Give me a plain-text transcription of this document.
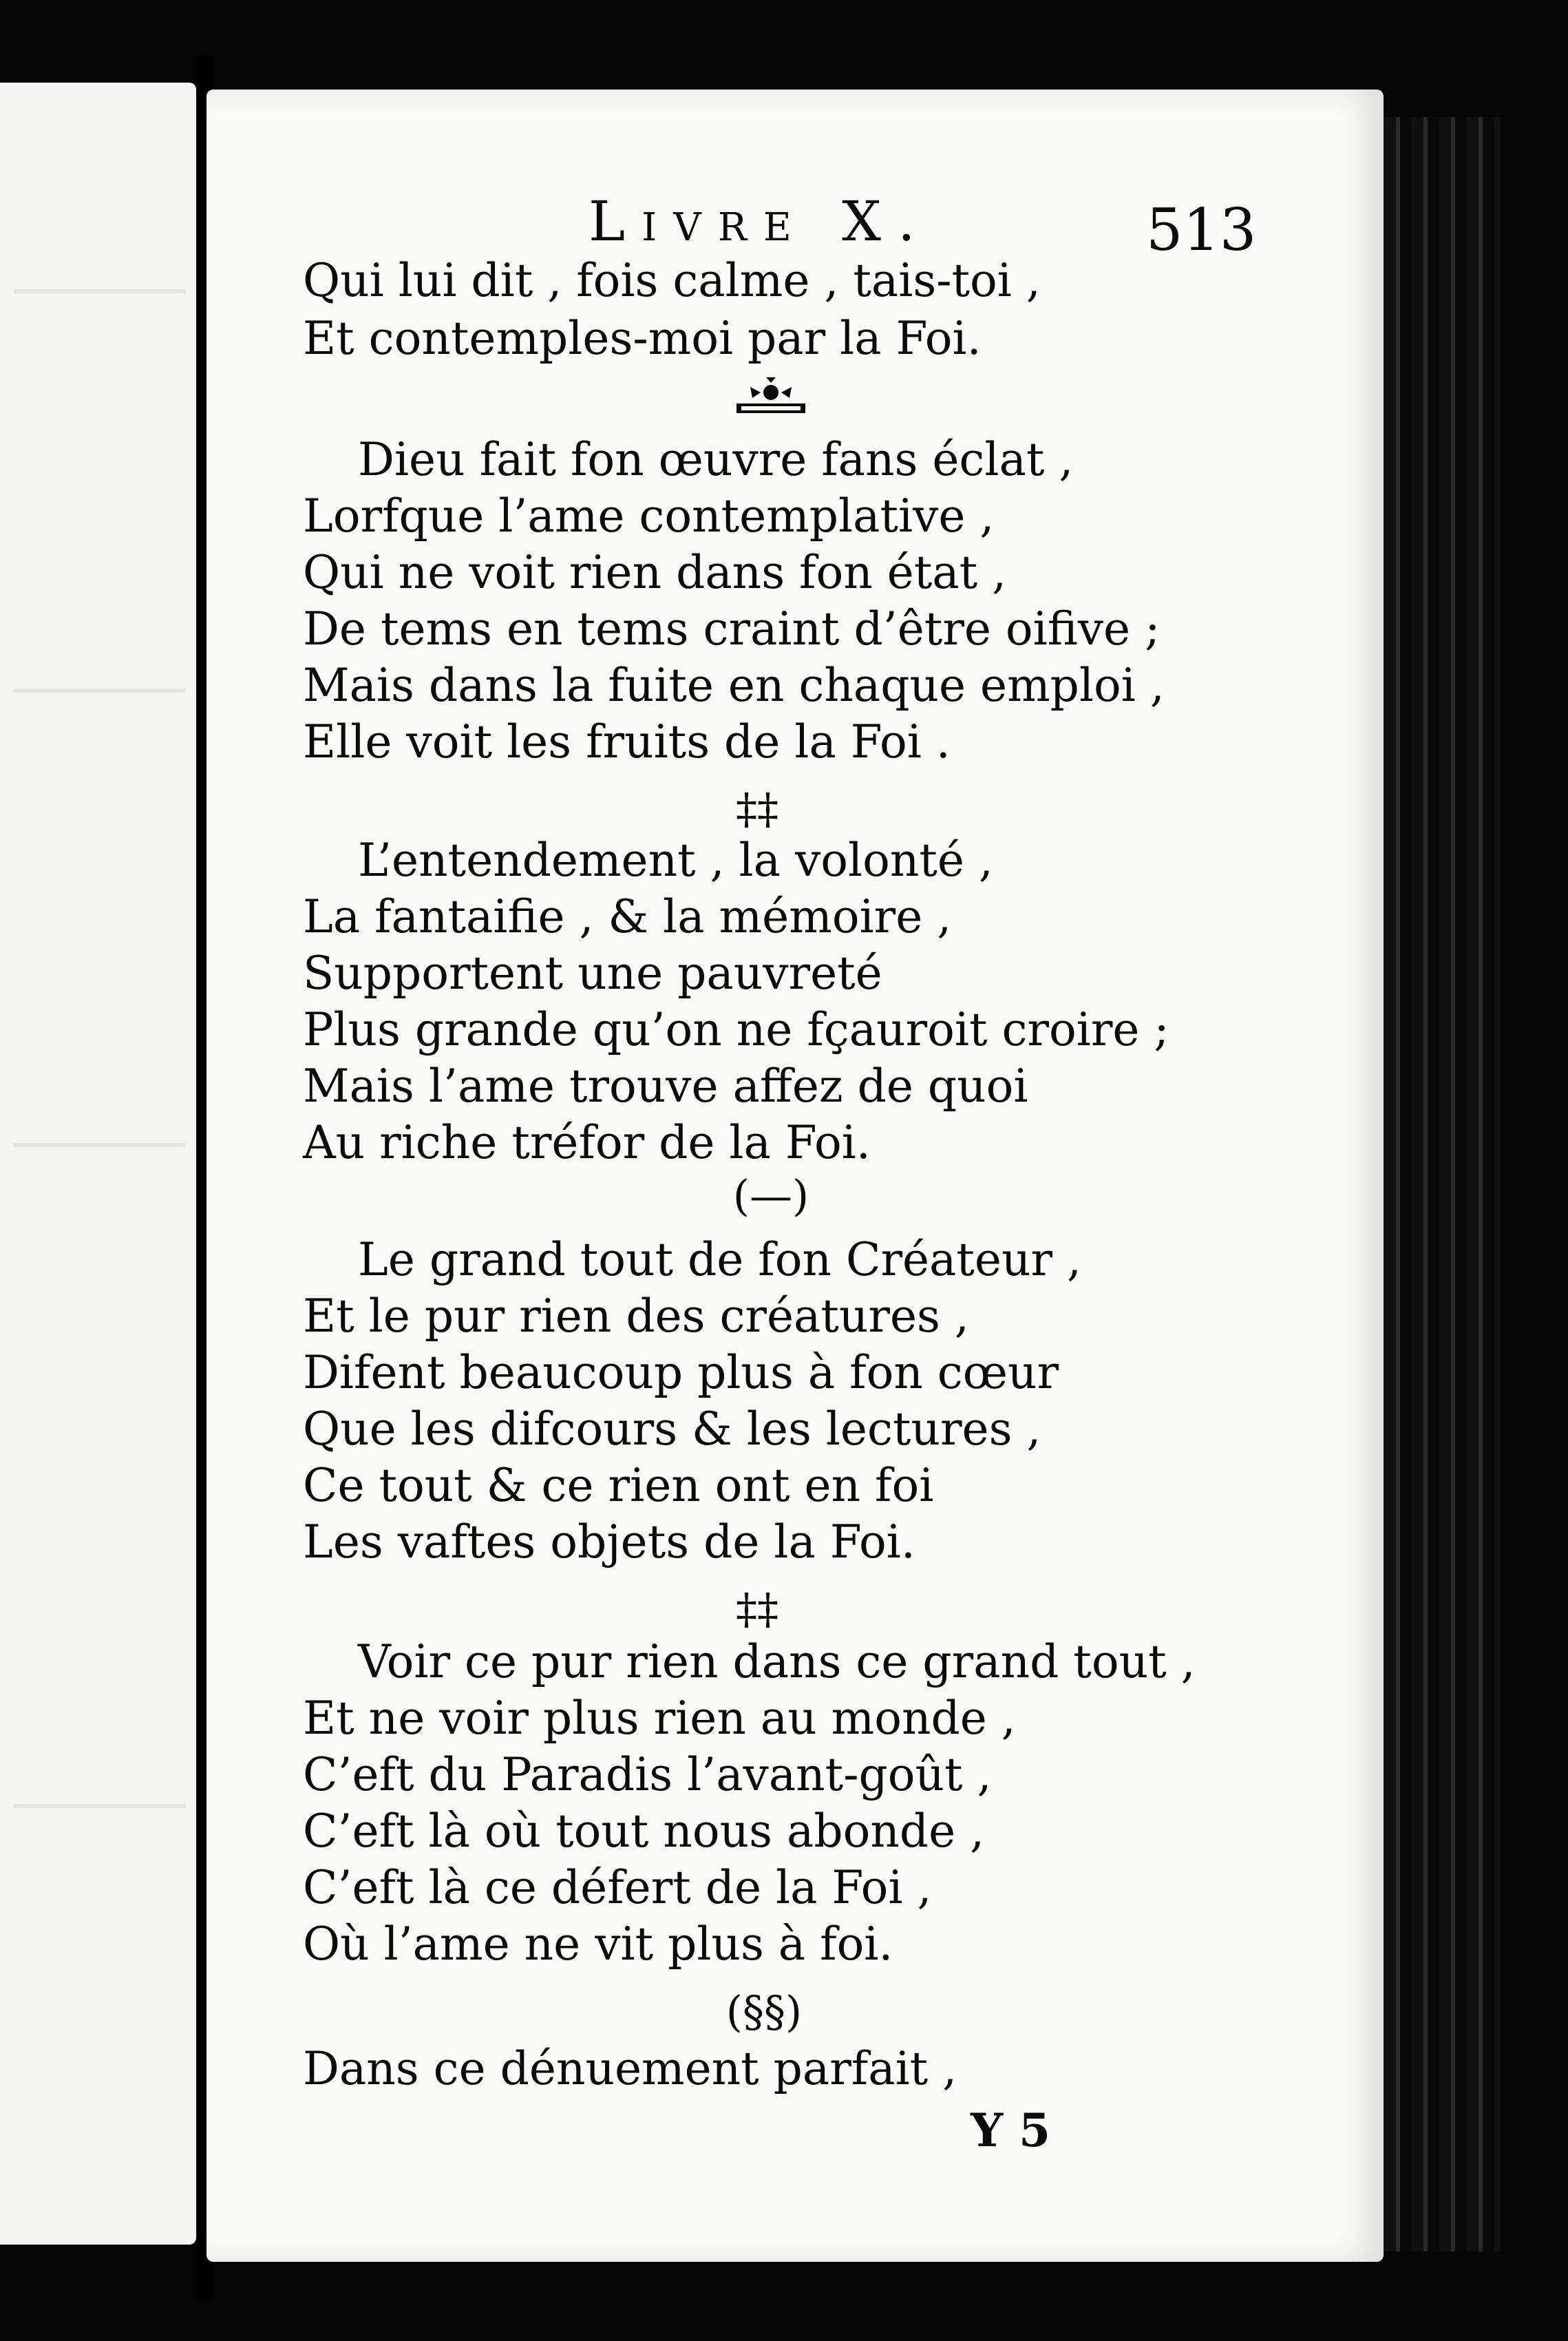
Livre X.	513
Qui lui dit , fois calme , tais-toi ,
Et contemples-moi par la Foi.
Dieu fait fon œuvre fans éclat ,
Lorfque l’ame contemplative ,
Qui ne voit rien dans fon état ,
De tems en tems craint d’être oifive ;
Mais dans la fuite en chaque emploi ,
Elle voit les fruits de la Foi .
‡‡
L’entendement , la volonté ,
La fantaifie , & la mémoire ,
Supportent une pauvreté
Plus grande qu’on ne fçauroit croire ;
Mais l’ame trouve affez de quoi
Au riche tréfor de la Foi.
(—)
Le grand tout de fon Créateur ,
Et le pur rien des créatures ,
Difent beaucoup plus à fon cœur
Que les difcours & les lectures ,
Ce tout & ce rien ont en foi
Les vaftes objets de la Foi.
‡‡
Voir ce pur rien dans ce grand tout ,
Et ne voir plus rien au monde ,
C’eft du Paradis l’avant-goût ,
C’eft là où tout nous abonde ,
C’eft là ce défert de la Foi ,
Où l’ame ne vit plus à foi.
(§§)
Dans ce dénuement parfait ,
Y 5
